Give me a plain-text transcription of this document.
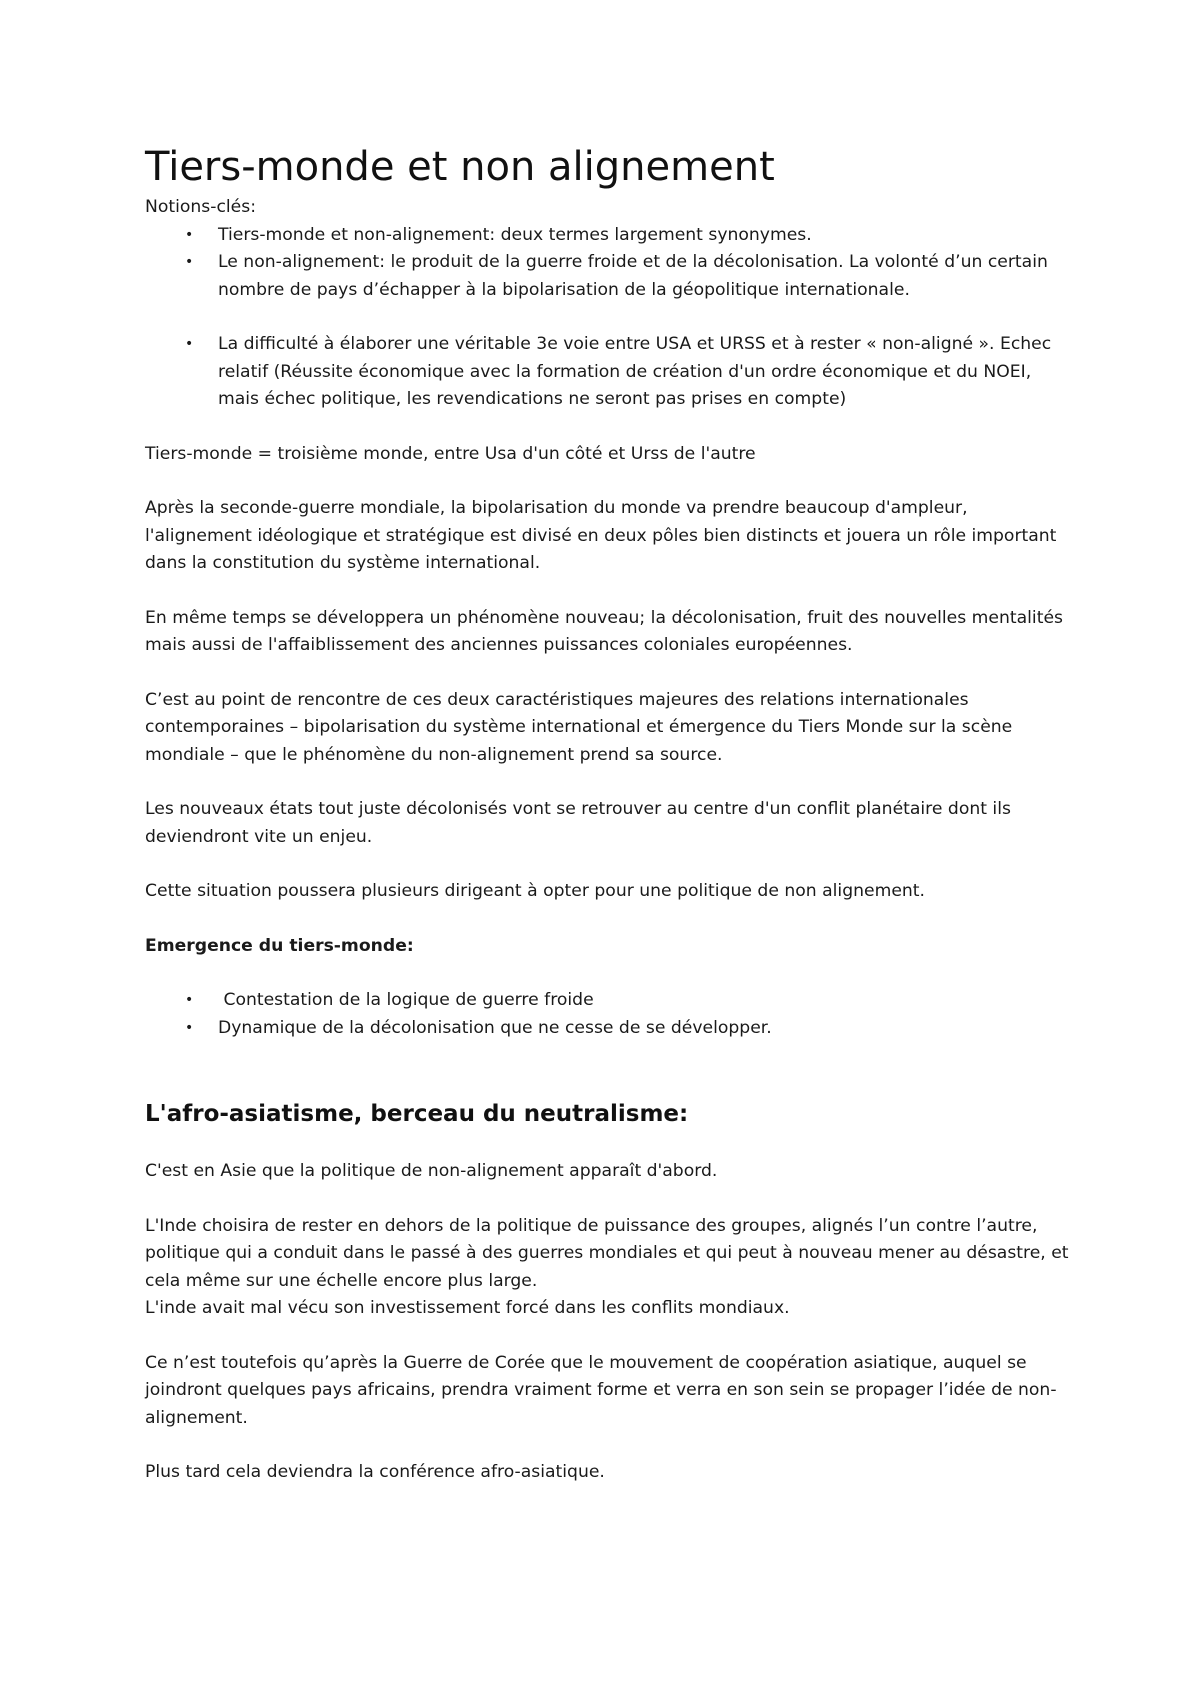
Tiers-monde et non alignement

Notions-clés:

• Tiers-monde et non-alignement: deux termes largement synonymes.
• Le non-alignement: le produit de la guerre froide et de la décolonisation. La volonté d’un certain nombre de pays d’échapper à la bipolarisation de la géopolitique internationale.
• La difficulté à élaborer une véritable 3e voie entre USA et URSS et à rester « non-aligné ». Echec relatif (Réussite économique avec la formation de création d'un ordre économique et du NOEI, mais échec politique, les revendications ne seront pas prises en compte)

Tiers-monde = troisième monde, entre Usa d'un côté et Urss de l'autre

Après la seconde-guerre mondiale, la bipolarisation du monde va prendre beaucoup d'ampleur, l'alignement idéologique et stratégique est divisé en deux pôles bien distincts et jouera un rôle important dans la constitution du système international.

En même temps se développera un phénomène nouveau; la décolonisation, fruit des nouvelles mentalités mais aussi de l'affaiblissement des anciennes puissances coloniales européennes.

C’est au point de rencontre de ces deux caractéristiques majeures des relations internationales contemporaines – bipolarisation du système international et émergence du Tiers Monde sur la scène mondiale – que le phénomène du non-alignement prend sa source.

Les nouveaux états tout juste décolonisés vont se retrouver au centre d'un conflit planétaire dont ils deviendront vite un enjeu.

Cette situation poussera plusieurs dirigeant à opter pour une politique de non alignement.

Emergence du tiers-monde:

• Contestation de la logique de guerre froide
• Dynamique de la décolonisation que ne cesse de se développer.
L'afro-asiatisme, berceau du neutralisme:

C'est en Asie que la politique de non-alignement apparaît d'abord.

L'Inde choisira de rester en dehors de la politique de puissance des groupes, alignés l’un contre l’autre, politique qui a conduit dans le passé à des guerres mondiales et qui peut à nouveau mener au désastre, et cela même sur une échelle encore plus large.

L'inde avait mal vécu son investissement forcé dans les conflits mondiaux.

Ce n’est toutefois qu’après la Guerre de Corée que le mouvement de coopération asiatique, auquel se joindront quelques pays africains, prendra vraiment forme et verra en son sein se propager l’idée de non-alignement.

Plus tard cela deviendra la conférence afro-asiatique.
